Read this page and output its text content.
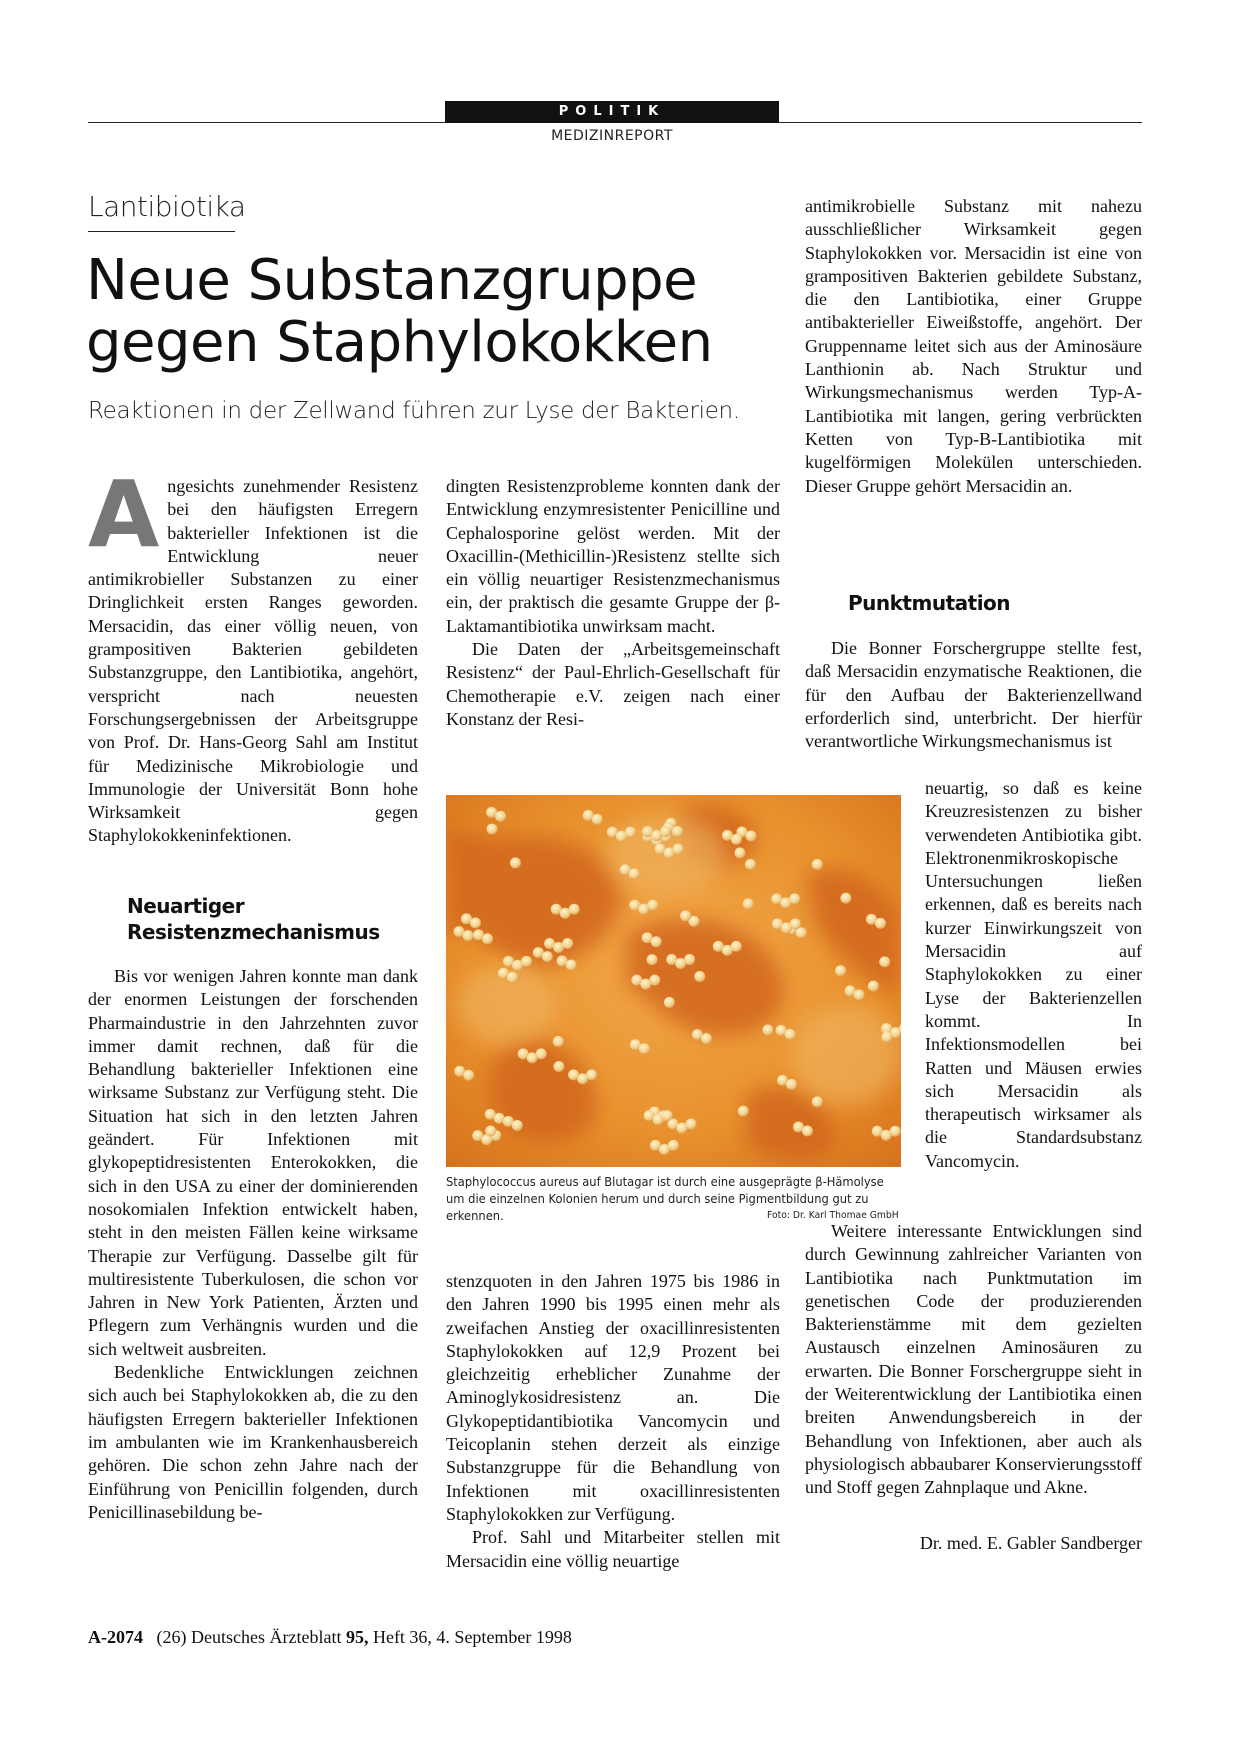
POLITIK
MEDIZINREPORT
Lantibiotika
Neue Substanzgruppe
gegen Staphylokokken
Reaktionen in der Zellwand führen zur Lyse der Bakterien.

Angesichts zunehmender Resistenz bei den häufigsten Erregern bakterieller Infektionen ist die Entwicklung neuer antimikrobieller Substanzen zu einer Dringlichkeit ersten Ranges geworden. Mersacidin, das einer völlig neuen, von grampositiven Bakterien gebildeten Substanzgruppe, den Lantibiotika, angehört, verspricht nach neuesten Forschungsergebnissen der Arbeitsgruppe von Prof. Dr. Hans-Georg Sahl am Institut für Medizinische Mikrobiologie und Immunologie der Universität Bonn hohe Wirksamkeit gegen Staphylokokkeninfektionen.

Neuartiger
Resistenzmechanismus

Bis vor wenigen Jahren konnte man dank der enormen Leistungen der forschenden Pharmaindustrie in den Jahrzehnten zuvor immer damit rechnen, daß für die Behandlung bakterieller Infektionen eine wirksame Substanz zur Verfügung steht. Die Situation hat sich in den letzten Jahren geändert. Für Infektionen mit glykopeptidresistenten Enterokokken, die sich in den USA zu einer der dominierenden nosokomialen Infektion entwickelt haben, steht in den meisten Fällen keine wirksame Therapie zur Verfügung. Dasselbe gilt für multiresistente Tuberkulosen, die schon vor Jahren in New York Patienten, Ärzten und Pflegern zum Verhängnis wurden und die sich weltweit ausbreiten.

Bedenkliche Entwicklungen zeichnen sich auch bei Staphylokokken ab, die zu den häufigsten Erregern bakterieller Infektionen im ambulanten wie im Krankenhausbereich gehören. Die schon zehn Jahre nach der Einführung von Penicillin folgenden, durch Penicillinasebildung be-

dingten Resistenzprobleme konnten dank der Entwicklung enzymresistenter Penicilline und Cephalosporine gelöst werden. Mit der Oxacillin-(Methicillin-)Resistenz stellte sich ein völlig neuartiger Resistenzmechanismus ein, der praktisch die gesamte Gruppe der β-Laktamantibiotika unwirksam macht.

Die Daten der „Arbeitsgemeinschaft Resistenz“ der Paul-Ehrlich-Gesellschaft für Chemotherapie e.V. zeigen nach einer Konstanz der Resi-

Staphylococcus aureus auf Blutagar ist durch eine ausgeprägte β-Hämolyse um die einzelnen Kolonien herum und durch seine Pigmentbildung gut zu erkennen.	Foto: Dr. Karl Thomae GmbH

stenzquoten in den Jahren 1975 bis 1986 in den Jahren 1990 bis 1995 einen mehr als zweifachen Anstieg der oxacillinresistenten Staphylokokken auf 12,9 Prozent bei gleichzeitig erheblicher Zunahme der Aminoglykosidresistenz an. Die Glykopeptidantibiotika Vancomycin und Teicoplanin stehen derzeit als einzige Substanzgruppe für die Behandlung von Infektionen mit oxacillinresistenten Staphylokokken zur Verfügung.

Prof. Sahl und Mitarbeiter stellen mit Mersacidin eine völlig neuartige

antimikrobielle Substanz mit nahezu ausschließlicher Wirksamkeit gegen Staphylokokken vor. Mersacidin ist eine von grampositiven Bakterien gebildete Substanz, die den Lantibiotika, einer Gruppe antibakterieller Eiweißstoffe, angehört. Der Gruppenname leitet sich aus der Aminosäure Lanthionin ab. Nach Struktur und Wirkungsmechanismus werden Typ-A-Lantibiotika mit langen, gering verbrückten Ketten von Typ-B-Lantibiotika mit kugelförmigen Molekülen unterschieden. Dieser Gruppe gehört Mersacidin an.

Punktmutation

Die Bonner Forschergruppe stellte fest, daß Mersacidin enzymatische Reaktionen, die für den Aufbau der Bakterienzellwand erforderlich sind, unterbricht. Der hierfür verantwortliche Wirkungsmechanismus ist

neuartig, so daß es keine Kreuzresistenzen zu bisher verwendeten Antibiotika gibt. Elektronenmikroskopische Untersuchungen ließen erkennen, daß es bereits nach kurzer Einwirkungszeit von Mersacidin auf Staphylokokken zu einer Lyse der Bakterienzellen kommt. In Infektionsmodellen bei Ratten und Mäusen erwies sich Mersacidin als therapeutisch wirksamer als die Standardsubstanz Vancomycin.

Weitere interessante Entwicklungen sind durch Gewinnung zahlreicher Varianten von Lantibiotika nach Punktmutation im genetischen Code der produzierenden Bakterienstämme mit dem gezielten Austausch einzelnen Aminosäuren zu erwarten. Die Bonner Forschergruppe sieht in der Weiterentwicklung der Lantibiotika einen breiten Anwendungsbereich in der Behandlung von Infektionen, aber auch als physiologisch abbaubarer Konservierungsstoff und Stoff gegen Zahnplaque und Akne.

Dr. med. E. Gabler Sandberger
A-2074 (26) Deutsches Ärzteblatt 95, Heft 36, 4. September 1998
